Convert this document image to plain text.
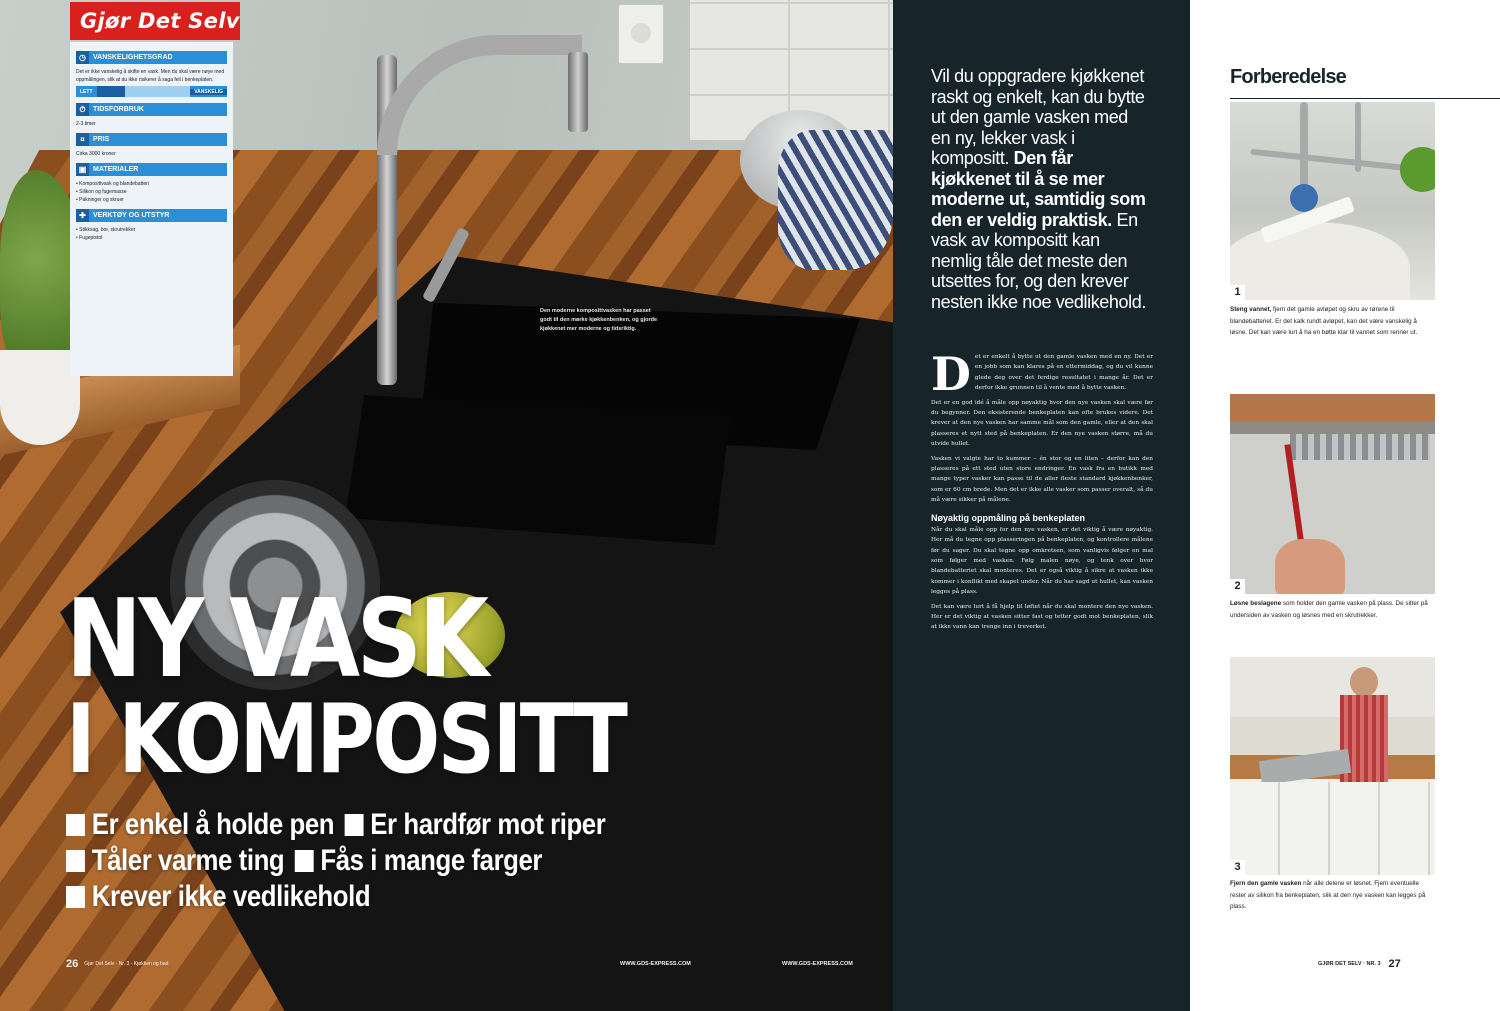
Gjør Det Selv
◷	VANSKELIGHETSGRAD
Det er ikke vanskelig å skifte en vask. Men du skal være nøye med oppmålingen, slik at du ikke risikerer å saga feil i benkeplaten.
LETT	VANSKELIG
⏱	TIDSFORBRUK
2-3 timer
¤	PRIS
Cirka 3000 kroner
▣ MATERIALER
• Komposittvask og blandebatteri
• Silikon og fugemasse
• Pakninger og skruer
✚	VERKTØY OG UTSTYR
• Stikksag, bor, skrutrekker
• Fugepistol
Den moderne komposittvasken har passet godt til den mørke kjøkkenbenken, og gjorde kjøkkenet mer moderne og tidsriktig.
NY VASK
I KOMPOSITT
Er enkel å holde pen Er hardfør mot riper
Tåler varme ting Fås i mange farger
Krever ikke vedlikehold
26 Gjør Det Selv · Nr. 3 · Kjøkken og bad	WWW.GDS-EXPRESS.COM	WWW.GDS-EXPRESS.COM
Vil du oppgradere kjøkkenet raskt og enkelt, kan du bytte ut den gamle vasken med en ny, lekker vask i kompositt. Den får kjøkkenet til å se mer moderne ut, samtidig som den er veldig praktisk. En vask av kompositt kan nemlig tåle det meste den utsettes for, og den krever nesten ikke noe vedlikehold.
D et er enkelt å bytte ut den gamle vasken med en ny. Det er en jobb som kan klares på en ettermiddag, og du vil kunne glede deg over det ferdige resultatet i mange år. Det er derfor ikke grunnen til å vente med å bytte vasken.

Det er en god idé å måle opp nøyaktig hvor den nye vasken skal være før du begynner. Den eksisterende benkeplaten kan ofte brukes videre. Det krever at den nye vasken har samme mål som den gamle, eller at den skal plasseres et nytt sted på benkeplaten. Er den nye vasken større, må du utvide hullet.

Vasken vi valgte har to kummer – én stor og en liten – derfor kan den plasseres på ett sted uten store endringer. En vask fra en butikk med mange typer vasker kan passe til de aller fleste standard kjøkkenbenker, som er 60 cm brede. Men det er ikke alle vasker som passer overalt, så du må være sikker på målene.

Nøyaktig oppmåling på benkeplaten

Når du skal måle opp for den nye vasken, er det viktig å være nøyaktig. Her må du tegne opp plasseringen på benkeplaten, og kontrollere målene før du sager. Du skal tegne opp omkretsen, som vanligvis følger en mal som følger med vasken. Følg malen nøye, og tenk over hvor blandebatteriet skal monteres. Det er også viktig å sikre at vasken ikke kommer i konflikt med skapet under. Når du har sagd ut hullet, kan vasken legges på plass.

Det kan være lurt å få hjelp til løftet når du skal montere den nye vasken. Her er det viktig at vasken sitter fast og tetter godt mot benkeplaten, slik at ikke vann kan trenge inn i treverket.

Forberedelse
1
Steng vannet, fjern det gamle avløpet og skru av rørene til blandebatteriet. Er det kalk rundt avløpet, kan det være vanskelig å løsne. Det kan være lurt å ha en bøtte klar til vannet som renner ut.
2
Løsne beslagene som holder den gamle vasken på plass. De sitter på undersiden av vasken og løsnes med en skrutrekker.
3
Fjern den gamle vasken når alle delene er løsnet. Fjern eventuelle rester av silikon fra benkeplaten, slik at den nye vasken kan legges på plass.
GJØR DET SELV · NR. 3 27
